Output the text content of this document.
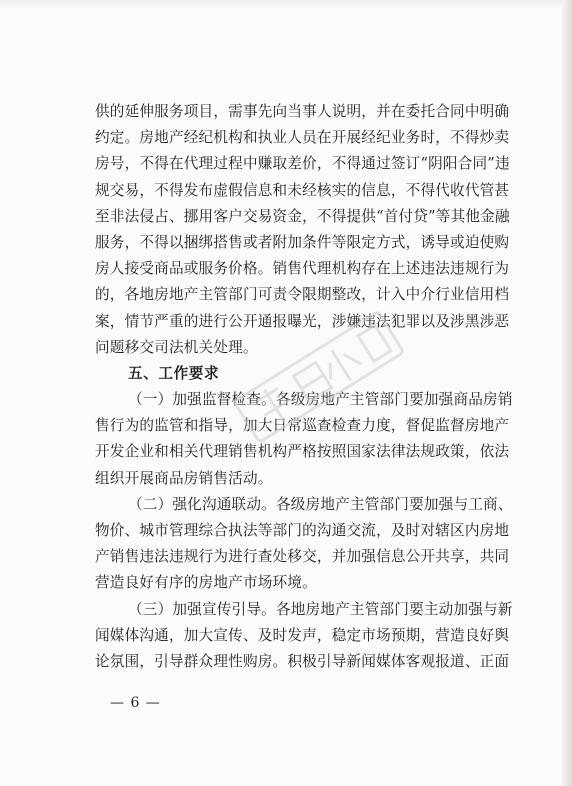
供的延伸服务项目，需事先向当事人说明，并在委托合同中明确
约定。房地产经纪机构和执业人员在开展经纪业务时，不得炒卖
房号，不得在代理过程中赚取差价，不得通过签订“阴阳合同”违
规交易，不得发布虚假信息和未经核实的信息，不得代收代管甚
至非法侵占、挪用客户交易资金，不得提供“首付贷”等其他金融
服务，不得以捆绑搭售或者附加条件等限定方式，诱导或迫使购
房人接受商品或服务价格。销售代理机构存在上述违法违规行为
的，各地房地产主管部门可责令限期整改，计入中介行业信用档
案，情节严重的进行公开通报曝光，涉嫌违法犯罪以及涉黑涉恶
问题移交司法机关处理。
五、工作要求
（一）加强监督检查。各级房地产主管部门要加强商品房销
售行为的监管和指导，加大日常巡查检查力度，督促监督房地产
开发企业和相关代理销售机构严格按照国家法律法规政策，依法
组织开展商品房销售活动。
（二）强化沟通联动。各级房地产主管部门要加强与工商、
物价、城市管理综合执法等部门的沟通交流，及时对辖区内房地
产销售违法违规行为进行查处移交，并加强信息公开共享，共同
营造良好有序的房地产市场环境。
（三）加强宣传引导。各地房地产主管部门要主动加强与新
闻媒体沟通，加大宣传、及时发声，稳定市场预期，营造良好舆
论氛围，引导群众理性购房。积极引导新闻媒体客观报道、正面
— 6 —
